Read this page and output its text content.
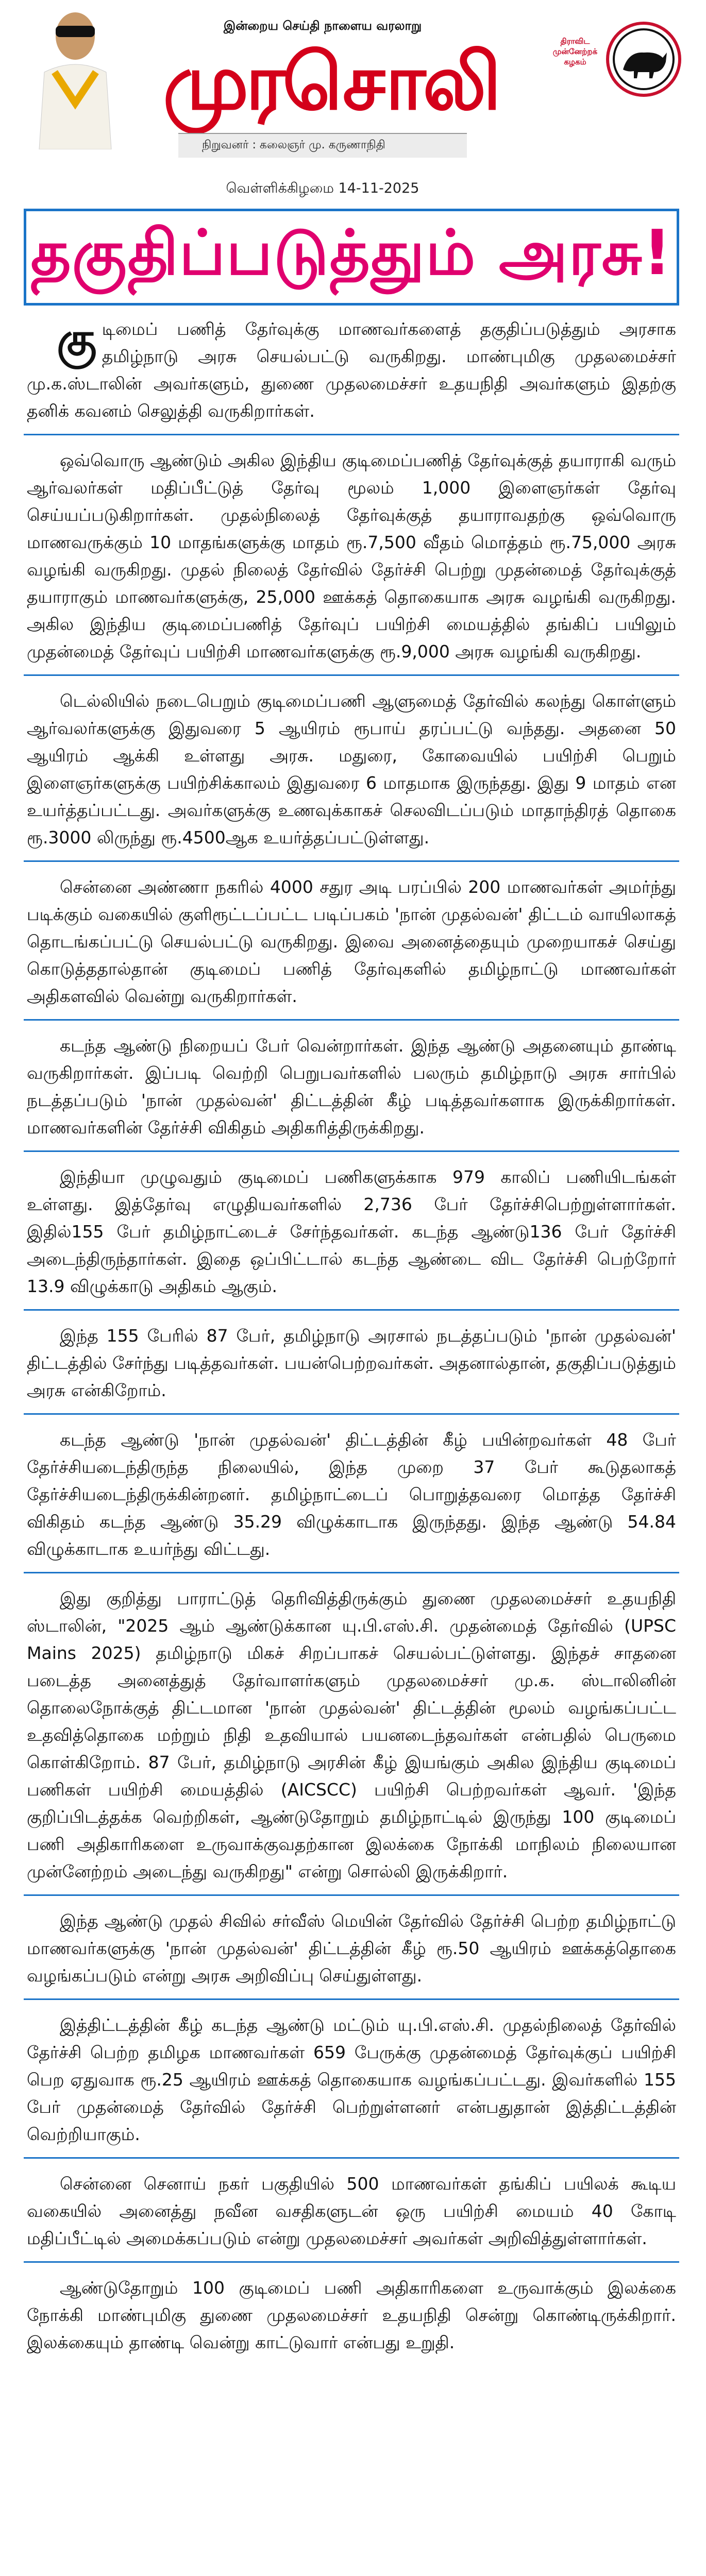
இன்றைய செய்தி நாளைய வரலாறு
முரசொலி
நிறுவனர் : கலைஞர் மு. கருணாநிதி
திராவிட முன்னேற்றக் கழகம்
வெள்ளிக்கிழமை 14-11-2025
தகுதிப்படுத்தும் அரசு!

குடிமைப் பணித் தேர்வுக்கு மாணவர்களைத் தகுதிப்படுத்தும் அரசாக தமிழ்நாடு அரசு செயல்பட்டு வருகிறது. மாண்புமிகு முதலமைச்சர் மு.க.ஸ்டாலின் அவர்களும், துணை முதலமைச்சர் உதயநிதி அவர்களும் இதற்கு தனிக் கவனம் செலுத்தி வருகிறார்கள்.

ஒவ்வொரு ஆண்டும் அகில இந்திய குடிமைப்பணித் தேர்வுக்குத் தயாராகி வரும் ஆர்வலர்கள் மதிப்பீட்டுத் தேர்வு மூலம் 1,000 இளைஞர்கள் தேர்வு செய்யப்படுகிறார்கள். முதல்நிலைத் தேர்வுக்குத் தயாராவதற்கு ஒவ்வொரு மாணவருக்கும் 10 மாதங்களுக்கு மாதம் ரூ.7,500 வீதம் மொத்தம் ரூ.75,000 அரசு வழங்கி வருகிறது. முதல் நிலைத் தேர்வில் தேர்ச்சி பெற்று முதன்மைத் தேர்வுக்குத் தயாராகும் மாணவர்களுக்கு, 25,000 ஊக்கத் தொகையாக அரசு வழங்கி வருகிறது. அகில இந்திய குடிமைப்பணித் தேர்வுப் பயிற்சி மையத்தில் தங்கிப் பயிலும் முதன்மைத் தேர்வுப் பயிற்சி மாணவர்களுக்கு ரூ.9,000 அரசு வழங்கி வருகிறது.

டெல்லியில் நடைபெறும் குடிமைப்பணி ஆளுமைத் தேர்வில் கலந்து கொள்ளும் ஆர்வலர்களுக்கு இதுவரை 5 ஆயிரம் ரூபாய் தரப்பட்டு வந்தது. அதனை 50 ஆயிரம் ஆக்கி உள்ளது அரசு. மதுரை, கோவையில் பயிற்சி பெறும் இளைஞர்களுக்கு பயிற்சிக்காலம் இதுவரை 6 மாதமாக இருந்தது. இது 9 மாதம் என உயர்த்தப்பட்டது. அவர்களுக்கு உணவுக்காகச் செலவிடப்படும் மாதாந்திரத் தொகை ரூ.3000 லிருந்து ரூ.4500ஆக உயர்த்தப்பட்டுள்ளது.

சென்னை அண்ணா நகரில் 4000 சதுர அடி பரப்பில் 200 மாணவர்கள் அமர்ந்து படிக்கும் வகையில் குளிரூட்டப்பட்ட படிப்பகம் 'நான் முதல்வன்' திட்டம் வாயிலாகத் தொடங்கப்பட்டு செயல்பட்டு வருகிறது. இவை அனைத்தையும் முறையாகச் செய்து கொடுத்ததால்தான் குடிமைப் பணித் தேர்வுகளில் தமிழ்நாட்டு மாணவர்கள் அதிகளவில் வென்று வருகிறார்கள்.

கடந்த ஆண்டு நிறையப் பேர் வென்றார்கள். இந்த ஆண்டு அதனையும் தாண்டி வருகிறார்கள். இப்படி வெற்றி பெறுபவர்களில் பலரும் தமிழ்நாடு அரசு சார்பில் நடத்தப்படும் 'நான் முதல்வன்' திட்டத்தின் கீழ் படித்தவர்களாக இருக்கிறார்கள். மாணவர்களின் தேர்ச்சி விகிதம் அதிகரித்திருக்கிறது.

இந்தியா முழுவதும் குடிமைப் பணிகளுக்காக 979 காலிப் பணியிடங்கள் உள்ளது. இத்தேர்வு எழுதியவர்களில் 2,736 பேர் தேர்ச்சிபெற்றுள்ளார்கள். இதில்155 பேர் தமிழ்நாட்டைச் சேர்ந்தவர்கள். கடந்த ஆண்டு136 பேர் தேர்ச்சி அடைந்திருந்தார்கள். இதை ஒப்பிட்டால் கடந்த ஆண்டை விட தேர்ச்சி பெற்றோர் 13.9 விழுக்காடு அதிகம் ஆகும்.

இந்த 155 பேரில் 87 பேர், தமிழ்நாடு அரசால் நடத்தப்படும் 'நான் முதல்வன்' திட்டத்தில் சேர்ந்து படித்தவர்கள். பயன்பெற்றவர்கள். அதனால்தான், தகுதிப்படுத்தும் அரசு என்கிறோம்.

கடந்த ஆண்டு 'நான் முதல்வன்' திட்டத்தின் கீழ் பயின்றவர்கள் 48 பேர் தேர்ச்சியடைந்திருந்த நிலையில், இந்த முறை 37 பேர் கூடுதலாகத் தேர்ச்சியடைந்திருக்கின்றனர். தமிழ்நாட்டைப் பொறுத்தவரை மொத்த தேர்ச்சி விகிதம் கடந்த ஆண்டு 35.29 விழுக்காடாக இருந்தது. இந்த ஆண்டு 54.84 விழுக்காடாக உயர்ந்து விட்டது.

இது குறித்து பாராட்டுத் தெரிவித்திருக்கும் துணை முதலமைச்சர் உதயநிதி ஸ்டாலின், "2025 ஆம் ஆண்டுக்கான யு.பி.எஸ்.சி. முதன்மைத் தேர்வில் (UPSC Mains 2025) தமிழ்நாடு மிகச் சிறப்பாகச் செயல்பட்டுள்ளது. இந்தச் சாதனை படைத்த அனைத்துத் தேர்வாளர்களும் முதலமைச்சர் மு.க. ஸ்டாலினின் தொலைநோக்குத் திட்டமான 'நான் முதல்வன்' திட்டத்தின் மூலம் வழங்கப்பட்ட உதவித்தொகை மற்றும் நிதி உதவியால் பயனடைந்தவர்கள் என்பதில் பெருமை கொள்கிறோம். 87 பேர், தமிழ்நாடு அரசின் கீழ் இயங்கும் அகில இந்திய குடிமைப் பணிகள் பயிற்சி மையத்தில் (AICSCC) பயிற்சி பெற்றவர்கள் ஆவர். 'இந்த குறிப்பிடத்தக்க வெற்றிகள், ஆண்டுதோறும் தமிழ்நாட்டில் இருந்து 100 குடிமைப் பணி அதிகாரிகளை உருவாக்குவதற்கான இலக்கை நோக்கி மாநிலம் நிலையான முன்னேற்றம் அடைந்து வருகிறது" என்று சொல்லி இருக்கிறார்.

இந்த ஆண்டு முதல் சிவில் சர்வீஸ் மெயின் தேர்வில் தேர்ச்சி பெற்ற தமிழ்நாட்டு மாணவர்களுக்கு 'நான் முதல்வன்' திட்டத்தின் கீழ் ரூ.50 ஆயிரம் ஊக்கத்தொகை வழங்கப்படும் என்று அரசு அறிவிப்பு செய்துள்ளது.

இத்திட்டத்தின் கீழ் கடந்த ஆண்டு மட்டும் யு.பி.எஸ்.சி. முதல்நிலைத் தேர்வில் தேர்ச்சி பெற்ற தமிழக மாணவர்கள் 659 பேருக்கு முதன்மைத் தேர்வுக்குப் பயிற்சி பெற ஏதுவாக ரூ.25 ஆயிரம் ஊக்கத் தொகையாக வழங்கப்பட்டது. இவர்களில் 155 பேர் முதன்மைத் தேர்வில் தேர்ச்சி பெற்றுள்ளனர் என்பதுதான் இத்திட்டத்தின் வெற்றியாகும்.

சென்னை செனாய் நகர் பகுதியில் 500 மாணவர்கள் தங்கிப் பயிலக் கூடிய வகையில் அனைத்து நவீன வசதிகளுடன் ஒரு பயிற்சி மையம் 40 கோடி மதிப்பீட்டில் அமைக்கப்படும் என்று முதலமைச்சர் அவர்கள் அறிவித்துள்ளார்கள்.

ஆண்டுதோறும் 100 குடிமைப் பணி அதிகாரிகளை உருவாக்கும் இலக்கை நோக்கி மாண்புமிகு துணை முதலமைச்சர் உதயநிதி சென்று கொண்டிருக்கிறார். இலக்கையும் தாண்டி வென்று காட்டுவார் என்பது உறுதி.
